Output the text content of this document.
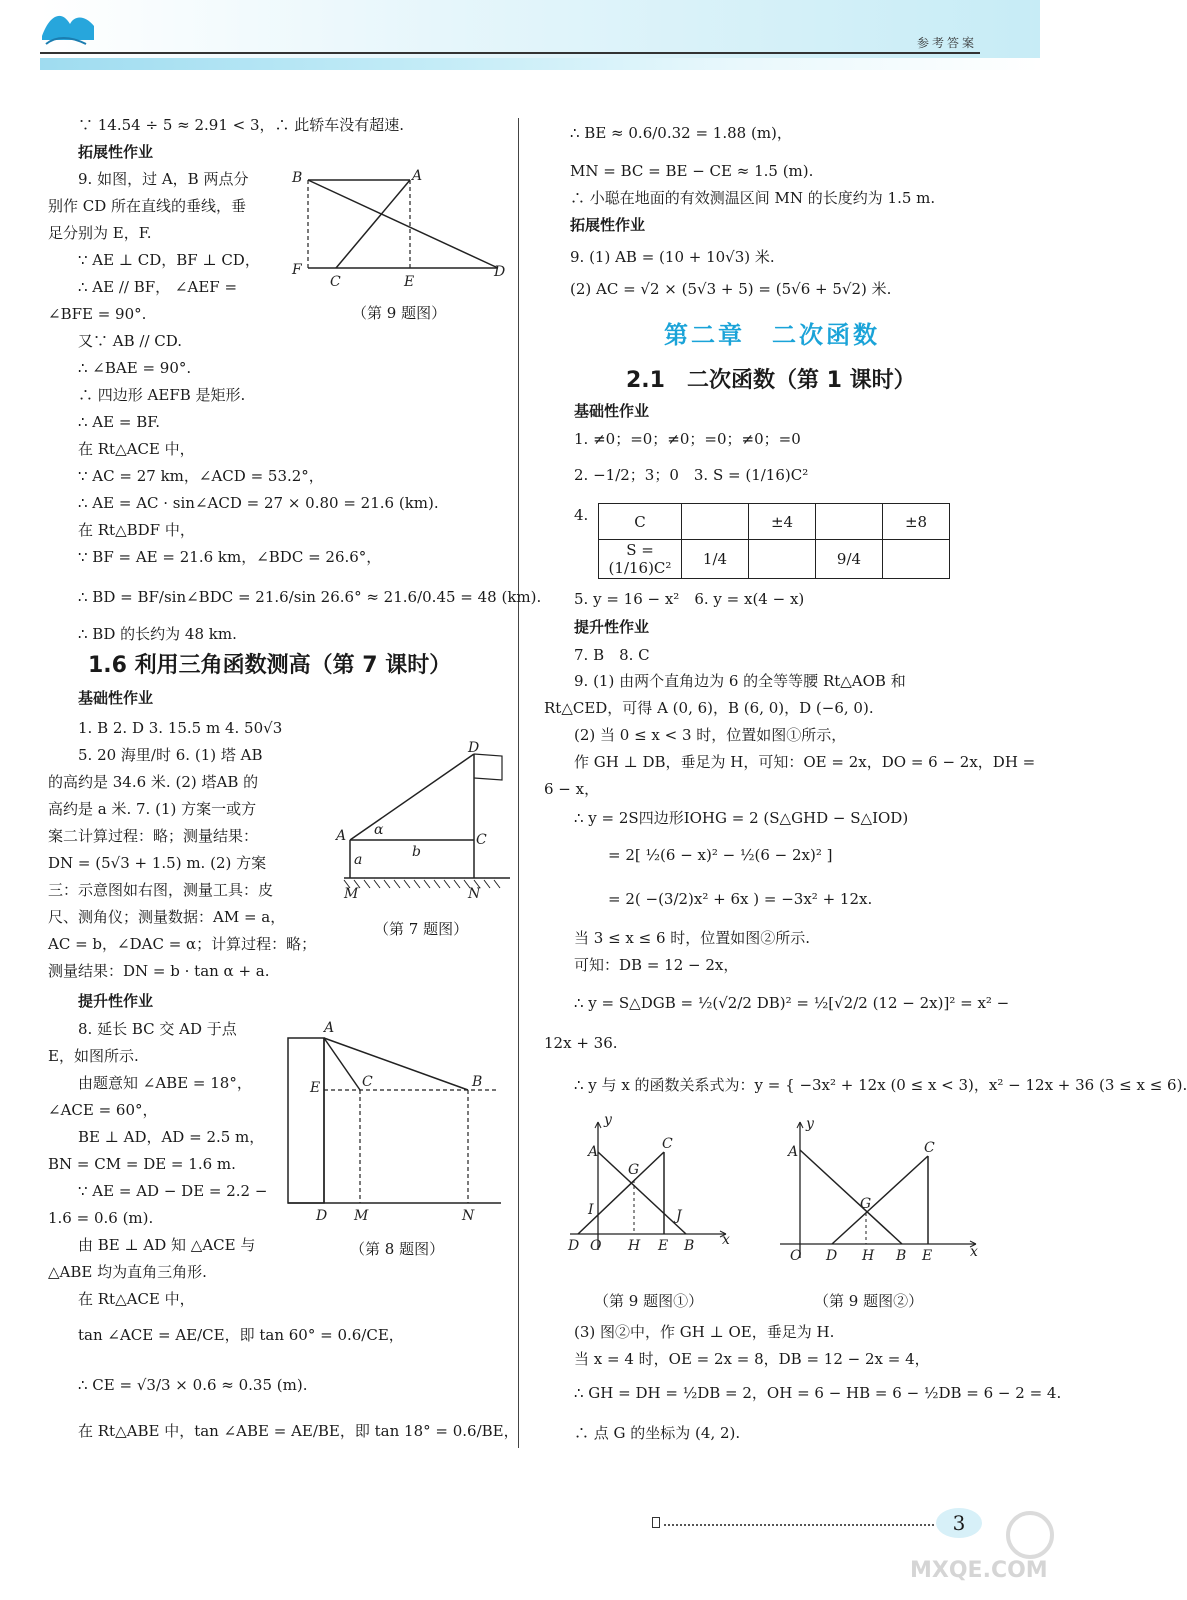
参考答案
∵ 14.54 ÷ 5 ≈ 2.91 < 3，∴ 此轿车没有超速.
拓展性作业
9. 如图，过 A，B 两点分
别作 CD 所在直线的垂线，垂
足分别为 E，F.
∵ AE ⊥ CD，BF ⊥ CD，
∴ AE // BF， ∠AEF =
∠BFE = 90°.
又∵ AB // CD.
∴ ∠BAE = 90°.
∴ 四边形 AEFB 是矩形.
∴ AE = BF.
在 Rt△ACE 中，
∵ AC = 27 km，∠ACD = 53.2°，
∴ AE = AC · sin∠ACD = 27 × 0.80 = 21.6 (km).
在 Rt△BDF 中，
∵ BF = AE = 21.6 km，∠BDC = 26.6°，
∴ BD = BF/sin∠BDC = 21.6/sin 26.6° ≈ 21.6/0.45 = 48 (km).
∴ BD 的长约为 48 km.
1.6 利用三角函数测高（第 7 课时）
基础性作业
1. B 2. D 3. 15.5 m 4. 50√3
5. 20 海里/时 6. (1) 塔 AB
的高约是 34.6 米. (2) 塔AB 的
高约是 a 米. 7. (1) 方案一或方
案二计算过程：略；测量结果：
DN = (5√3 + 1.5) m. (2) 方案
三：示意图如右图，测量工具：皮
尺、测角仪；测量数据：AM = a，
AC = b，∠DAC = α；计算过程：略；
测量结果：DN = b · tan α + a.
提升性作业
8. 延长 BC 交 AD 于点
E，如图所示.
由题意知 ∠ABE = 18°，
∠ACE = 60°，
BE ⊥ AD，AD = 2.5 m，
BN = CM = DE = 1.6 m.
∵ AE = AD − DE = 2.2 −
1.6 = 0.6 (m).
由 BE ⊥ AD 知 △ACE 与
△ABE 均为直角三角形.
在 Rt△ACE 中，
tan ∠ACE = AE/CE，即 tan 60° = 0.6/CE，
∴ CE = √3/3 × 0.6 ≈ 0.35 (m).
在 Rt△ABE 中，tan ∠ABE = AE/BE，即 tan 18° = 0.6/BE，
B	A
F
C	E
D
（第 9 题图）
D
A	C
α
b
a
M	N
（第 7 题图）
A
E	C	B
D M	N
（第 8 题图）
∴ BE ≈ 0.6/0.32 = 1.88 (m)，
MN = BC = BE − CE ≈ 1.5 (m).
∴ 小聪在地面的有效测温区间 MN 的长度约为 1.5 m.
拓展性作业
9. (1) AB = (10 + 10√3) 米.
(2) AC = √2 × (5√3 + 5) = (5√6 + 5√2) 米.
第二章　二次函数
2.1　二次函数（第 1 课时）
基础性作业
1. ≠0；=0；≠0；=0；≠0；=0
2. −1/2；3；0　3. S = (1/16)C²
4.
5. y = 16 − x²　6. y = x(4 − x)
提升性作业
7. B　8. C
9. (1) 由两个直角边为 6 的全等等腰 Rt△AOB 和
Rt△CED，可得 A (0, 6)，B (6, 0)，D (−6, 0).
(2) 当 0 ≤ x < 3 时，位置如图①所示，
作 GH ⊥ DB，垂足为 H，可知：OE = 2x，DO = 6 − 2x，DH =
6 − x，
∴ y = 2S四边形IOHG = 2 (S△GHD − S△IOD)
= 2[ ½(6 − x)² − ½(6 − 2x)² ]
= 2( −(3/2)x² + 6x ) = −3x² + 12x.
当 3 ≤ x ≤ 6 时，位置如图②所示.
可知：DB = 12 − 2x，
∴ y = S△DGB = ½(√2/2 DB)² = ½[√2/2 (12 − 2x)]² = x² −
12x + 36.
∴ y 与 x 的函数关系式为：y = { −3x² + 12x (0 ≤ x < 3)，x² − 12x + 36 (3 ≤ x ≤ 6).
（第 9 题图①）	（第 9 题图②）
(3) 图②中，作 GH ⊥ OE，垂足为 H.
当 x = 4 时，OE = 2x = 8，DB = 12 − 2x = 4，
∴ GH = DH = ½DB = 2，OH = 6 − HB = 6 − ½DB = 6 − 2 = 4.
∴ 点 G 的坐标为 (4, 2).
C		±4		±8
S = (1/16)C²	1/4		9/4	
y
A	C
G
I	J
D O H E B x
y
A	C
G
O D H B E	x
3
MXQE.COM
